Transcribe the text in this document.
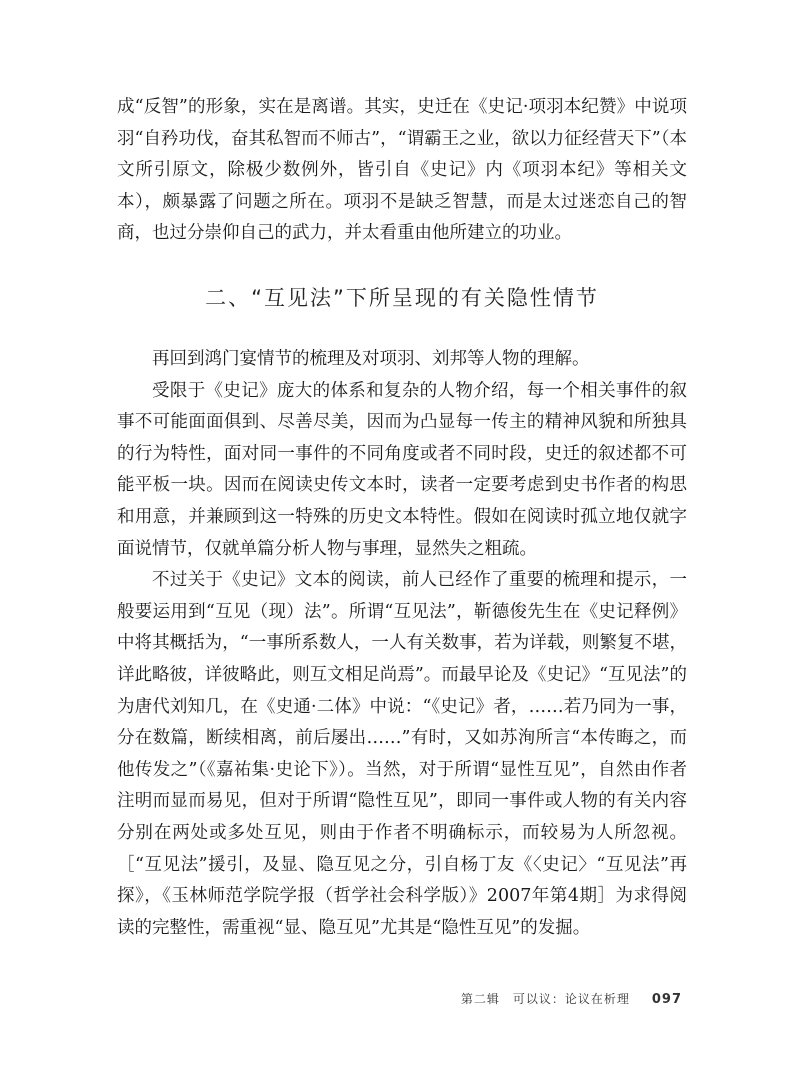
成“反智”的形象，实在是离谱。其实，史迁在《史记·项羽本纪赞》中说项羽“自矜功伐，奋其私智而不师古”，“谓霸王之业，欲以力征经营天下”（本文所引原文，除极少数例外，皆引自《史记》内《项羽本纪》等相关文本），颇暴露了问题之所在。项羽不是缺乏智慧，而是太过迷恋自己的智商，也过分崇仰自己的武力，并太看重由他所建立的功业。

二、“互见法”下所呈现的有关隐性情节

再回到鸿门宴情节的梳理及对项羽、刘邦等人物的理解。

受限于《史记》庞大的体系和复杂的人物介绍，每一个相关事件的叙事不可能面面俱到、尽善尽美，因而为凸显每一传主的精神风貌和所独具的行为特性，面对同一事件的不同角度或者不同时段，史迁的叙述都不可能平板一块。因而在阅读史传文本时，读者一定要考虑到史书作者的构思和用意，并兼顾到这一特殊的历史文本特性。假如在阅读时孤立地仅就字面说情节，仅就单篇分析人物与事理，显然失之粗疏。

不过关于《史记》文本的阅读，前人已经作了重要的梳理和提示，一般要运用到“互见（现）法”。所谓“互见法”，靳德俊先生在《史记释例》中将其概括为，“一事所系数人，一人有关数事，若为详载，则繁复不堪，详此略彼，详彼略此，则互文相足尚焉”。而最早论及《史记》“互见法”的为唐代刘知几，在《史通·二体》中说：“《史记》者，……若乃同为一事，分在数篇，断续相离，前后屡出……”有时，又如苏洵所言“本传晦之，而他传发之”（《嘉祐集·史论下》）。当然，对于所谓“显性互见”，自然由作者注明而显而易见，但对于所谓“隐性互见”，即同一事件或人物的有关内容分别在两处或多处互见，则由于作者不明确标示，而较易为人所忽视。［“互见法”援引，及显、隐互见之分，引自杨丁友《〈史记〉“互见法”再探》，《玉林师范学院学报（哲学社会科学版）》2007年第4期］为求得阅读的完整性，需重视“显、隐互见”尤其是“隐性互见”的发掘。

第二辑　可以议：论议在析理 097
